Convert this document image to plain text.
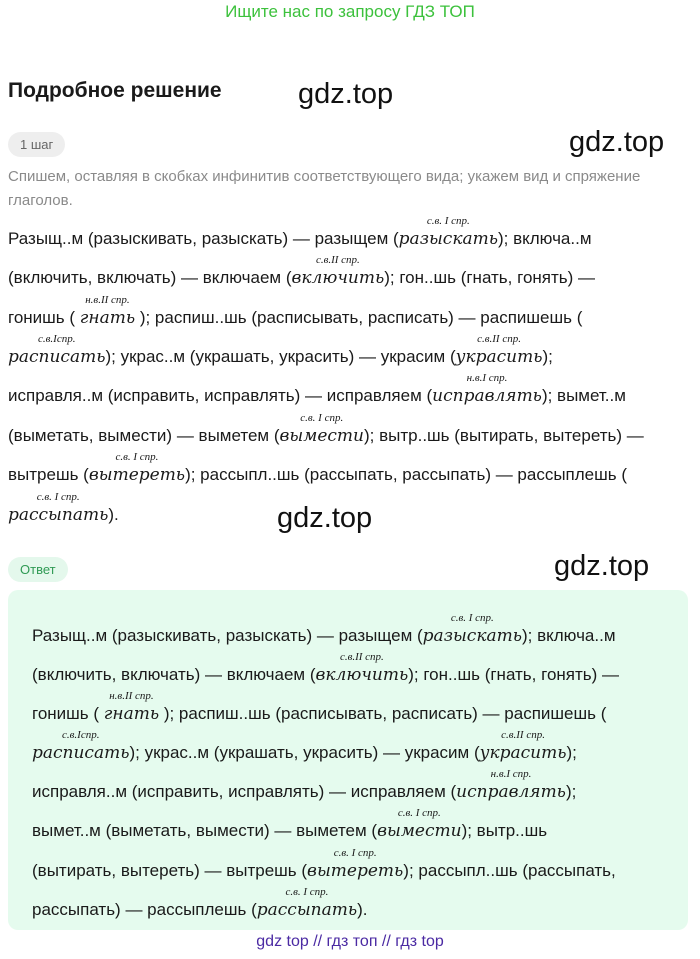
Ищите нас по запросу ГДЗ ТОП
Подробное решение	gdz.top
gdz.top
gdz.top
gdz.top
1 шаг
Спишем, оставляя в скобках инфинитив соответствующего вида; укажем вид и спряжение глаголов.
Разыщ..м (разыскивать, разыскать) — разыщем (
с.в. I спр.
разыскать); включа..м
(включить, включать) — включаем (
с.в.II спр.
включить); гон..шь (гнать, гонять) —
гонишь (
н.в.II спр.
гнать ); распиш..шь (расписывать, расписать) — распишешь (
с.в.Iспр.
расписать); украс..м (украшать, украсить) — украсим (
с.в.II спр.
украсить);
исправля..м (исправить, исправлять) — исправляем (
н.в.I спр.
исправлять); вымет..м
(выметать, вымести) — выметем (
с.в. I спр.
вымести); вытр..шь (вытирать, вытереть) —
вытрешь (
с.в. I спр.
вытереть); рассыпл..шь (рассыпать, рассыпать) — рассыплешь (
с.в. I спр.
рассыпать).
Ответ
Разыщ..м (разыскивать, разыскать) — разыщем (
с.в. I спр.
разыскать); включа..м
(включить, включать) — включаем (
с.в.II спр.
включить); гон..шь (гнать, гонять) —
гонишь (
н.в.II спр.
гнать ); распиш..шь (расписывать, расписать) — распишешь (
с.в.Iспр.
расписать); украс..м (украшать, украсить) — украсим (
с.в.II спр.
украсить);
исправля..м (исправить, исправлять) — исправляем (
н.в.I спр.
исправлять);
вымет..м (выметать, вымести) — выметем (
с.в. I спр.
вымести); вытр..шь
(вытирать, вытереть) — вытрешь (
с.в. I спр.
вытереть); рассыпл..шь (рассыпать,
рассыпать) — рассыплешь (
с.в. I спр.
рассыпать).
gdz top // гдз топ // гдз top
